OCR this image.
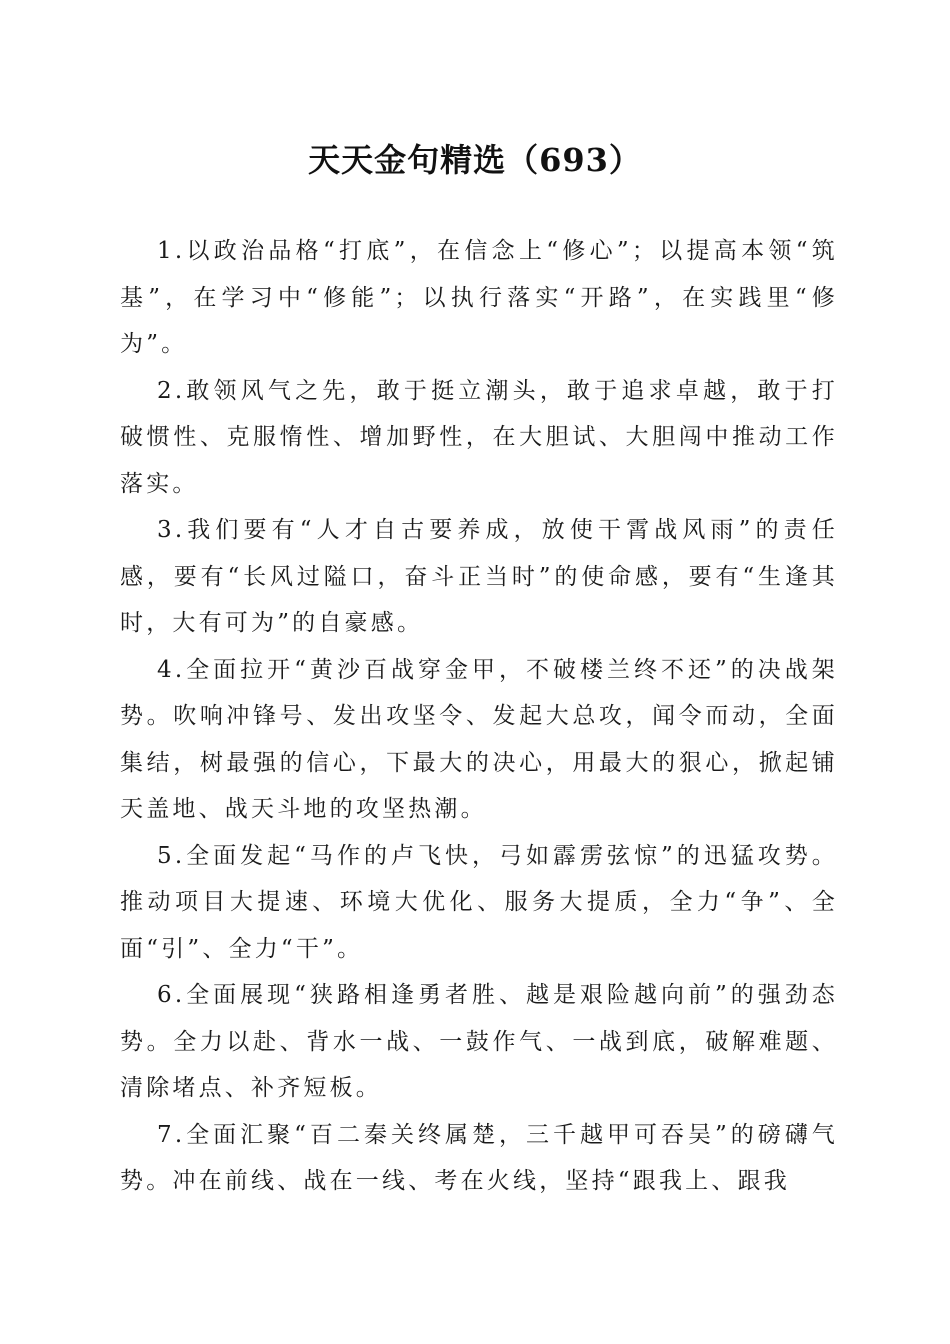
天天金句精选（693）

1.以政治品格“打底”，在信念上“修心”；以提高本领“筑基”，在学习中“修能”；以执行落实“开路”，在实践里“修为”。

2.敢领风气之先，敢于挺立潮头，敢于追求卓越，敢于打破惯性、克服惰性、增加野性，在大胆试、大胆闯中推动工作落实。

3.我们要有“人才自古要养成，放使干霄战风雨”的责任感，要有“长风过隘口，奋斗正当时”的使命感，要有“生逢其时，大有可为”的自豪感。

4.全面拉开“黄沙百战穿金甲，不破楼兰终不还”的决战架势。吹响冲锋号、发出攻坚令、发起大总攻，闻令而动，全面集结，树最强的信心，下最大的决心，用最大的狠心，掀起铺天盖地、战天斗地的攻坚热潮。

5.全面发起“马作的卢飞快，弓如霹雳弦惊”的迅猛攻势。推动项目大提速、环境大优化、服务大提质，全力“争”、全面“引”、全力“干”。

6.全面展现“狭路相逢勇者胜、越是艰险越向前”的强劲态势。全力以赴、背水一战、一鼓作气、一战到底，破解难题、清除堵点、补齐短板。

7.全面汇聚“百二秦关终属楚，三千越甲可吞吴”的磅礴气势。冲在前线、战在一线、考在火线，坚持“跟我上、跟我
